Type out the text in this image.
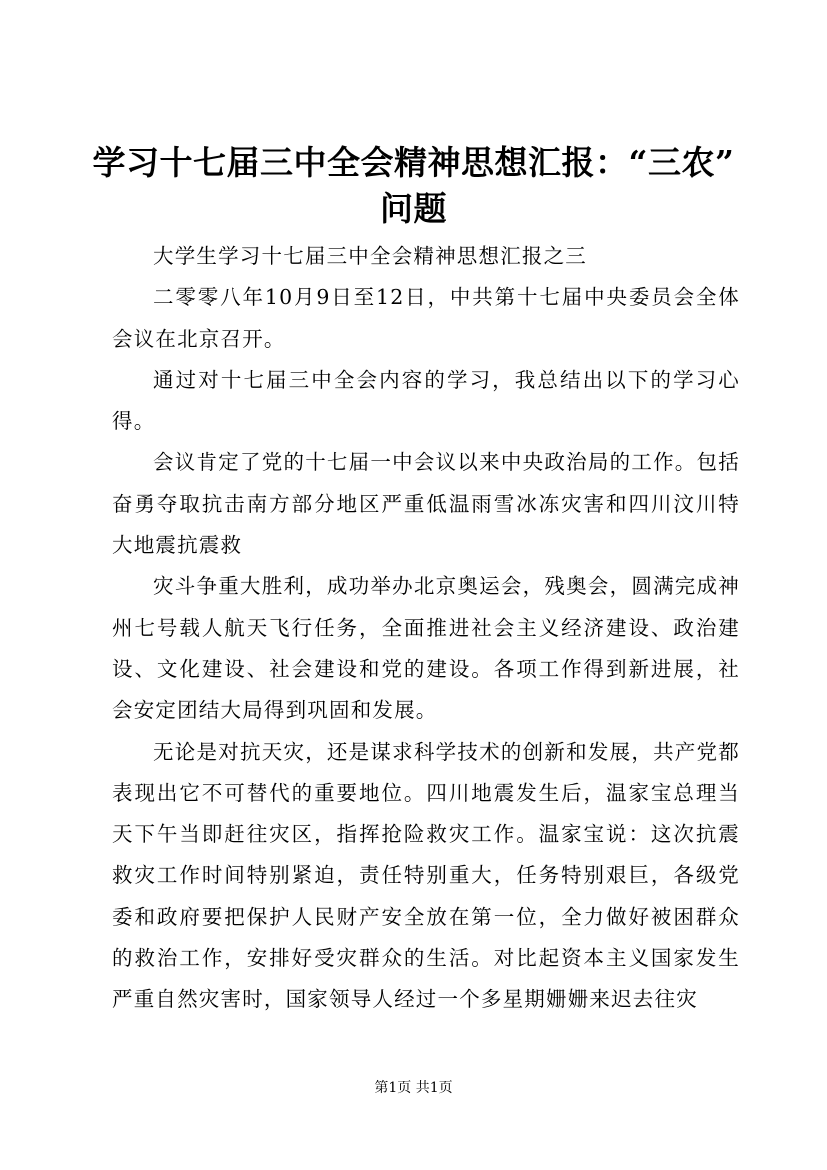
学习十七届三中全会精神思想汇报：“三农”
问题

大学生学习十七届三中全会精神思想汇报之三

二零零八年10月9日至12日，中共第十七届中央委员会全体会议在北京召开。

通过对十七届三中全会内容的学习，我总结出以下的学习心得。

会议肯定了党的十七届一中会议以来中央政治局的工作。包括奋勇夺取抗击南方部分地区严重低温雨雪冰冻灾害和四川汶川特大地震抗震救

灾斗争重大胜利，成功举办北京奥运会，残奥会，圆满完成神州七号载人航天飞行任务，全面推进社会主义经济建设、政治建设、文化建设、社会建设和党的建设。各项工作得到新进展，社会安定团结大局得到巩固和发展。

无论是对抗天灾，还是谋求科学技术的创新和发展，共产党都表现出它不可替代的重要地位。四川地震发生后，温家宝总理当天下午当即赶往灾区，指挥抢险救灾工作。温家宝说：这次抗震救灾工作时间特别紧迫，责任特别重大，任务特别艰巨，各级党委和政府要把保护人民财产安全放在第一位，全力做好被困群众的救治工作，安排好受灾群众的生活。对比起资本主义国家发生严重自然灾害时，国家领导人经过一个多星期姗姗来迟去往灾

第1页 共1页
